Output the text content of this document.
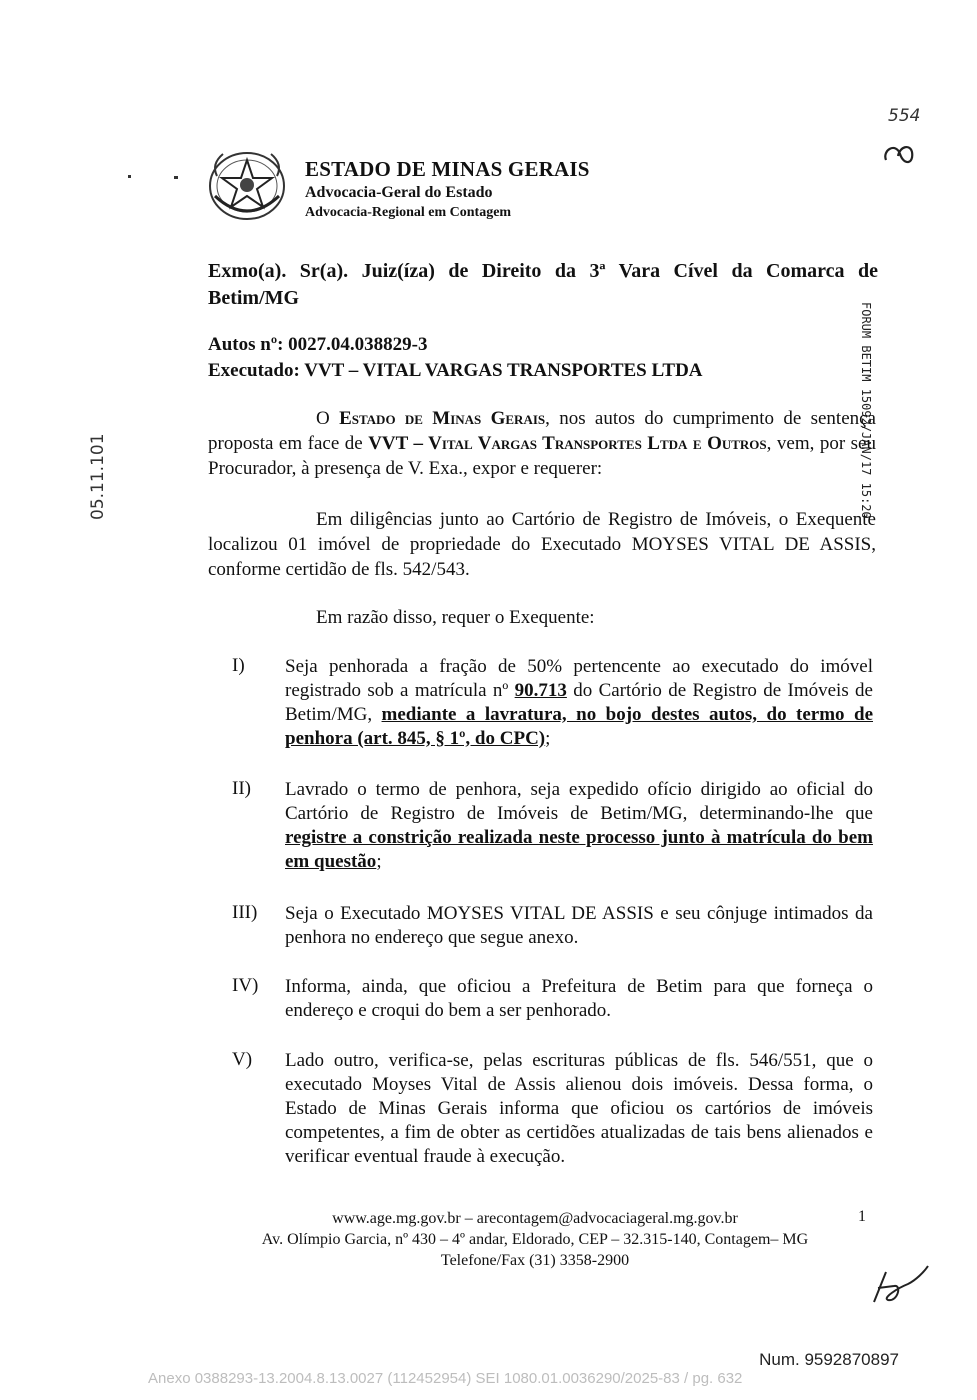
554
05.11.101
ESTADO DE MINAS GERAIS
Advocacia-Geral do Estado
Advocacia-Regional em Contagem
Exmo(a). Sr(a). Juiz(íza) de Direito da 3ª Vara Cível da Comarca de Betim/MG
Autos nº: 0027.04.038829-3
Executado: VVT – VITAL VARGAS TRANSPORTES LTDA	FORUM BETIM 15092/JAN/17 15:20
O Estado de Minas Gerais, nos autos do cumprimento de sentença proposta em face de VVT – Vital Vargas Transportes Ltda e Outros, vem, por seu Procurador, à presença de V. Exa., expor e requerer:
Em diligências junto ao Cartório de Registro de Imóveis, o Exequente localizou 01 imóvel de propriedade do Executado MOYSES VITAL DE ASSIS, conforme certidão de fls. 542/543.
Em razão disso, requer o Exequente:
I) Seja penhorada a fração de 50% pertencente ao executado do imóvel registrado sob a matrícula nº 90.713 do Cartório de Registro de Imóveis de Betim/MG, mediante a lavratura, no bojo destes autos, do termo de penhora (art. 845, § 1º, do CPC);
II) Lavrado o termo de penhora, seja expedido ofício dirigido ao oficial do Cartório de Registro de Imóveis de Betim/MG, determinando-lhe que registre a constrição realizada neste processo junto à matrícula do bem em questão;
III) Seja o Executado MOYSES VITAL DE ASSIS e seu cônjuge intimados da penhora no endereço que segue anexo.
IV) Informa, ainda, que oficiou a Prefeitura de Betim para que forneça o endereço e croqui do bem a ser penhorado.
V) Lado outro, verifica-se, pelas escrituras públicas de fls. 546/551, que o executado Moyses Vital de Assis alienou dois imóveis. Dessa forma, o Estado de Minas Gerais informa que oficiou os cartórios de imóveis competentes, a fim de obter as certidões atualizadas de tais bens alienados e verificar eventual fraude à execução.
www.age.mg.gov.br – arecontagem@advocaciageral.mg.gov.br
Av. Olímpio Garcia, nº 430 – 4º andar, Eldorado, CEP – 32.315-140, Contagem– MG
Telefone/Fax (31) 3358-2900
1
Num. 9592870897
Anexo 0388293-13.2004.8.13.0027 (112452954) SEI 1080.01.0036290/2025-83 / pg. 632
